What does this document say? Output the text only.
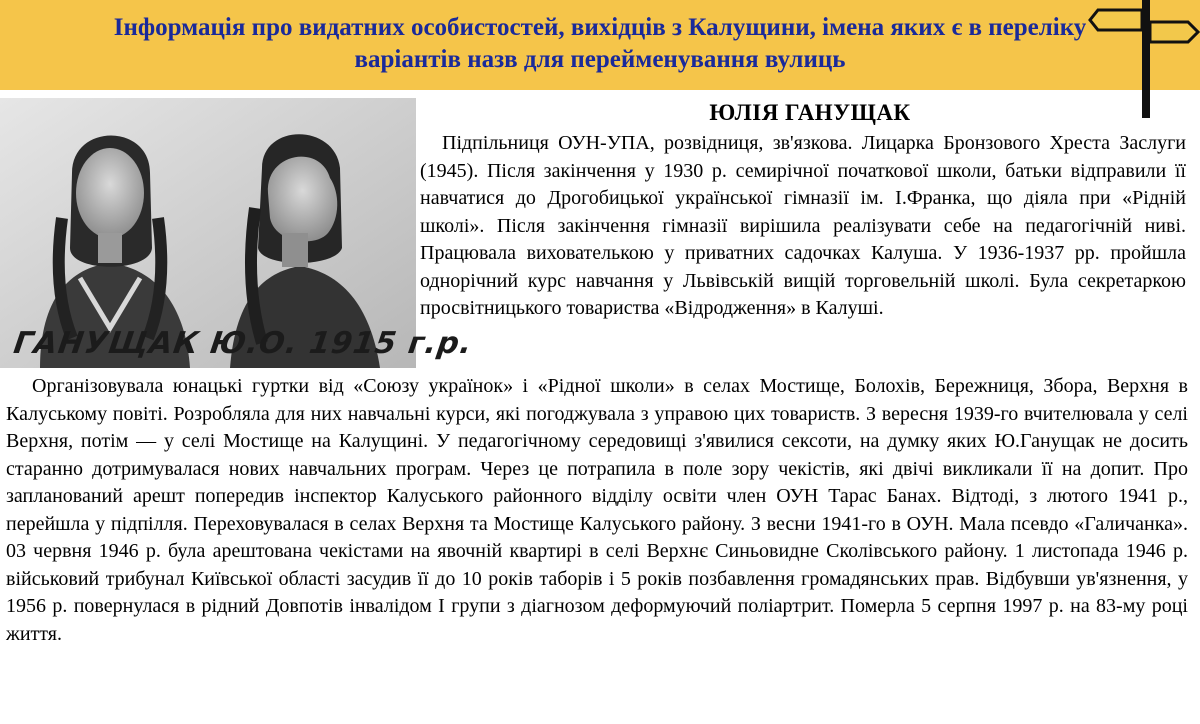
Інформація про видатних особистостей, вихідців з Калущини, імена яких є в переліку
варіантів назв для перейменування вулиць
ГАНУЩАК Ю.О. 1915 г.р.
ЮЛІЯ ГАНУЩАК

Підпільниця ОУН-УПА, розвідниця, зв'язкова. Лицарка Бронзового Хреста Заслуги (1945). Після закінчення у 1930 р. семирічної початкової школи, батьки відправили її навчатися до Дрогобицької української гімназії ім. І.Франка, що діяла при «Рідній школі». Після закінчення гімназії вирішила реалізувати себе на педагогічній ниві. Працювала вихователькою у приватних садочках Калуша. У 1936-1937 рр. пройшла однорічний курс навчання у Львівській вищій торговельній школі. Була секретаркою просвітницького товариства «Відродження» в Калуші.

Організовувала юнацькі гуртки від «Союзу українок» і «Рідної школи» в селах Мостище, Болохів, Бережниця, Збора, Верхня в Калуському повіті. Розробляла для них навчальні курси, які погоджувала з управою цих товариств. З вересня 1939-го вчителювала у селі Верхня, потім — у селі Мостище на Калущині. У педагогічному середовищі з'явилися сексоти, на думку яких Ю.Ганущак не досить старанно дотримувалася нових навчальних програм. Через це потрапила в поле зору чекістів, які двічі викликали її на допит. Про запланований арешт попередив інспектор Калуського районного відділу освіти член ОУН Тарас Банах. Відтоді, з лютого 1941 р., перейшла у підпілля. Переховувалася в селах Верхня та Мостище Калуського району. З весни 1941-го в ОУН. Мала псевдо «Галичанка». 03 червня 1946 р. була арештована чекістами на явочній квартирі в селі Верхнє Синьовидне Сколівського району. 1 листопада 1946 р. військовий трибунал Київської області засудив її до 10 років таборів і 5 років позбавлення громадянських прав. Відбувши ув'язнення, у 1956 р. повернулася в рідний Довпотів інвалідом І групи з діагнозом деформуючий поліартрит. Померла 5 серпня 1997 р. на 83-му році життя.
